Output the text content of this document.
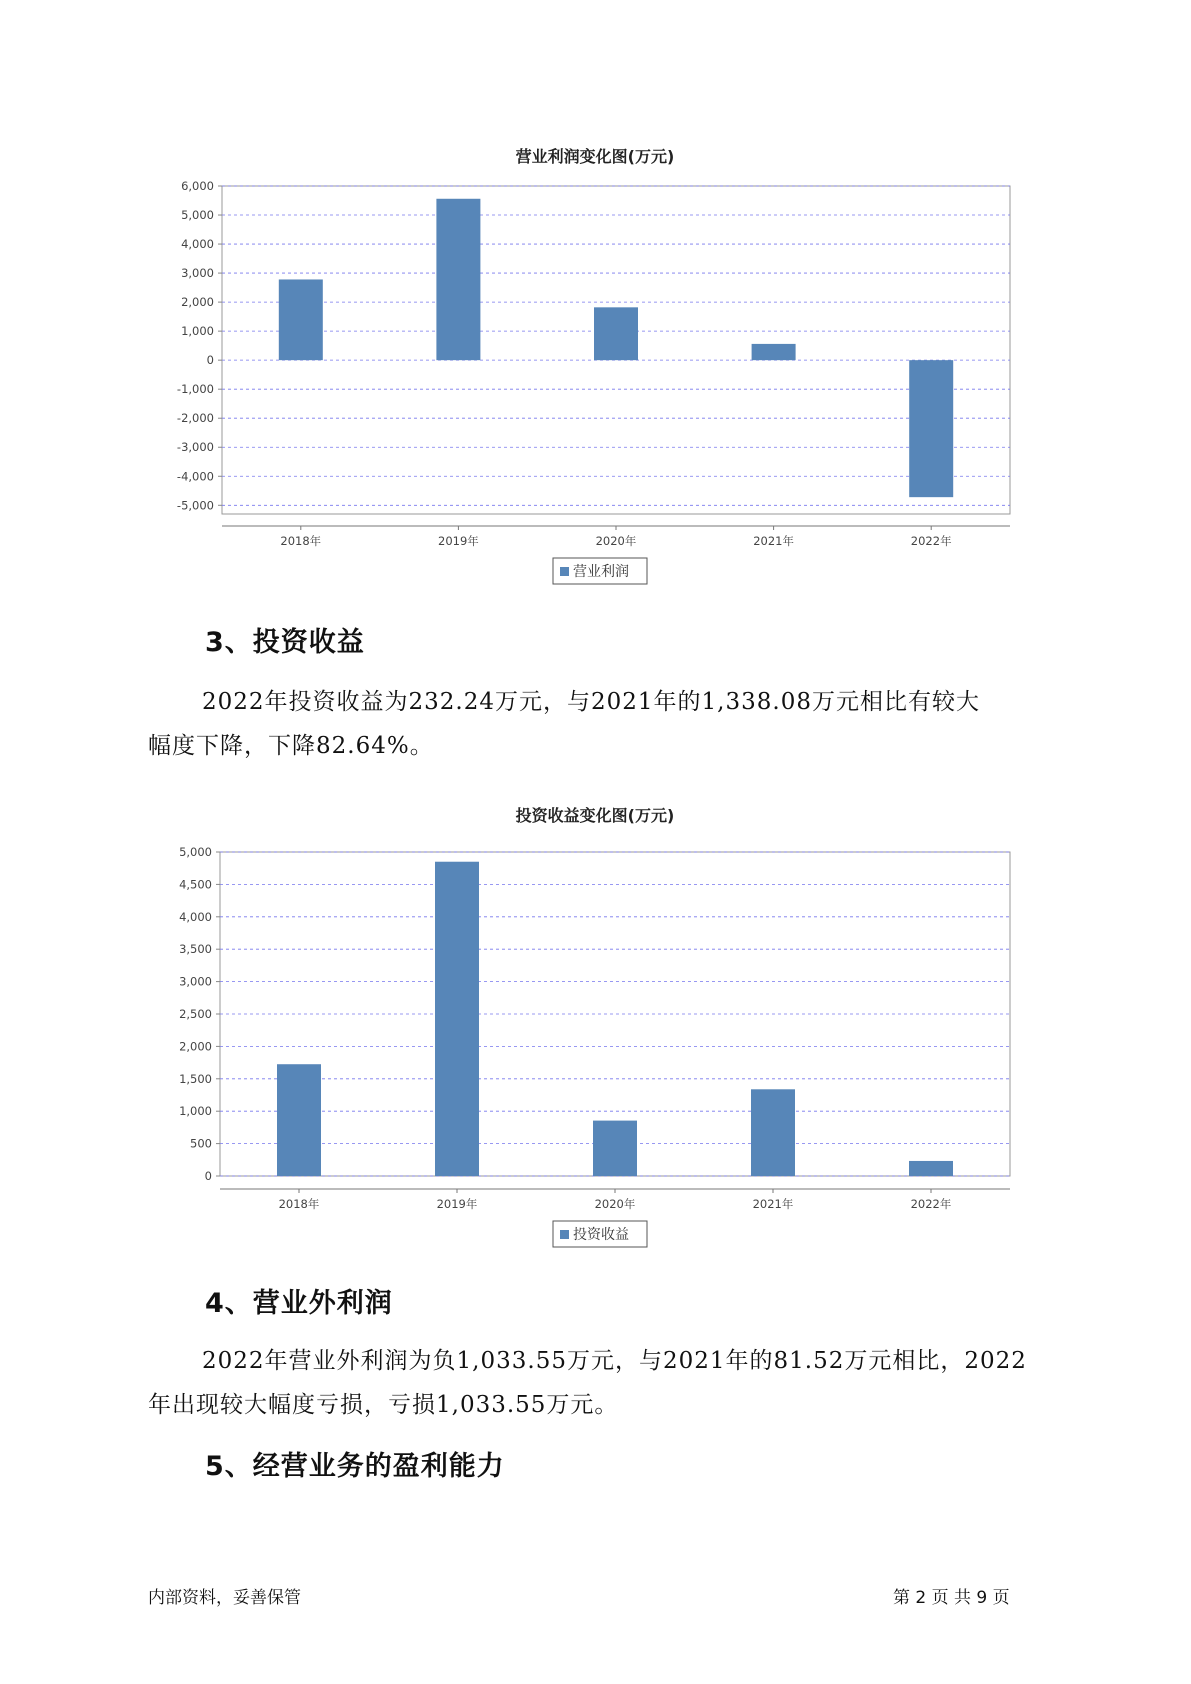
营业利润变化图(万元)
6,000
5,000
4,000
3,000
2,000
1,000
0
-1,000
-2,000
-3,000
-4,000
-5,000
2018年	2019年	2020年	2021年	2022年
营业利润
3、投资收益
2022年投资收益为232.24万元，与2021年的1,338.08万元相比有较大
幅度下降，下降82.64%。
投资收益变化图(万元)
5,000
4,500
4,000
3,500
3,000
2,500
2,000
1,500
1,000
500
0
2018年	2019年	2020年	2021年	2022年
投资收益
4、营业外利润
2022年营业外利润为负1,033.55万元，与2021年的81.52万元相比，2022
年出现较大幅度亏损，亏损1,033.55万元。
5、经营业务的盈利能力
内部资料，妥善保管	第 2 页 共 9 页
